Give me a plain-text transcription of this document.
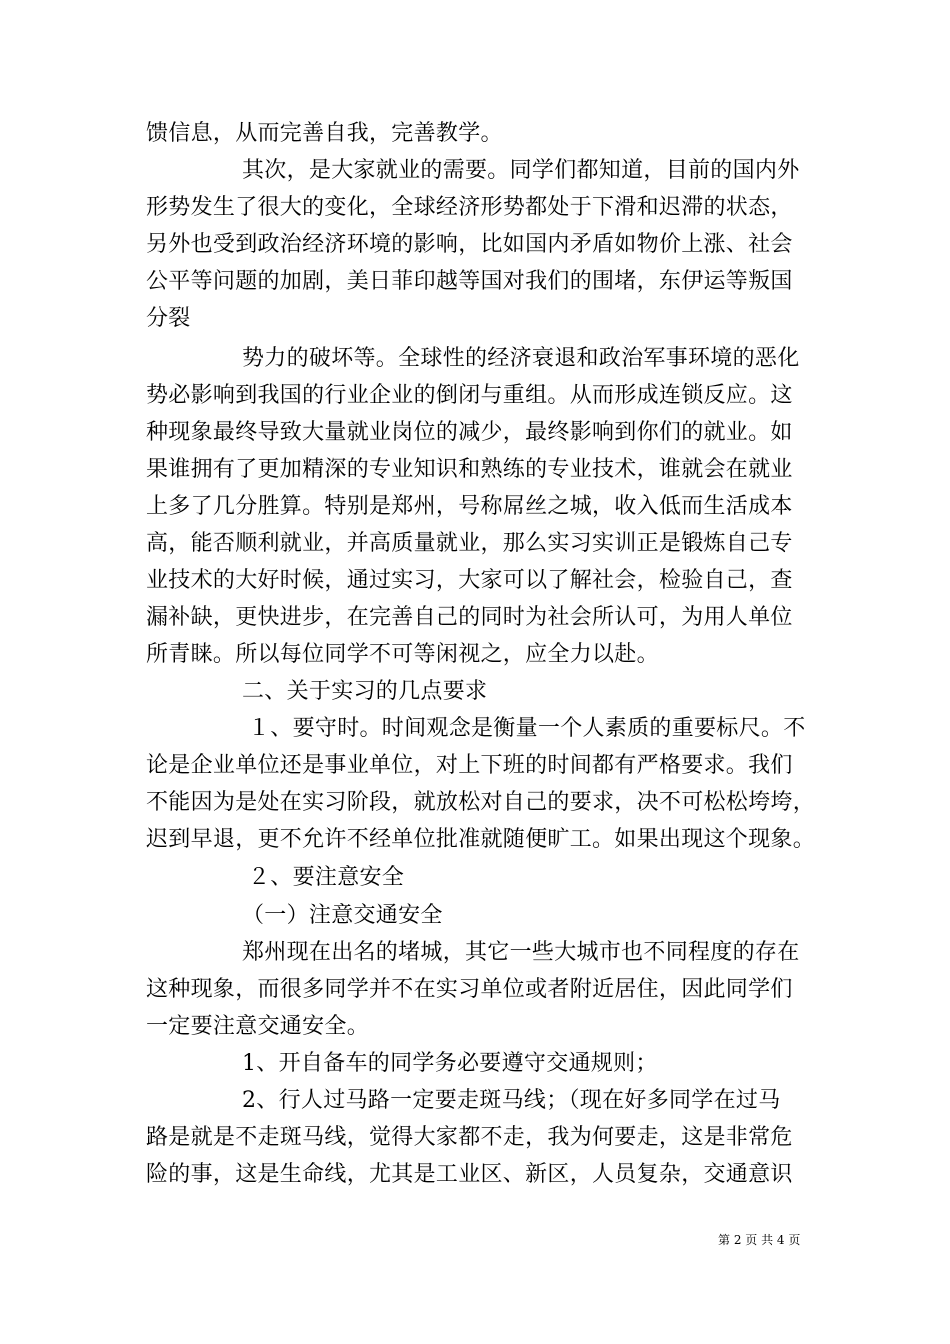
馈信息，从而完善自我，完善教学。
其次，是大家就业的需要。同学们都知道，目前的国内外
形势发生了很大的变化，全球经济形势都处于下滑和迟滞的状态，
另外也受到政治经济环境的影响，比如国内矛盾如物价上涨、社会
公平等问题的加剧，美日菲印越等国对我们的围堵，东伊运等叛国
分裂
势力的破坏等。全球性的经济衰退和政治军事环境的恶化
势必影响到我国的行业企业的倒闭与重组。从而形成连锁反应。这
种现象最终导致大量就业岗位的减少，最终影响到你们的就业。如
果谁拥有了更加精深的专业知识和熟练的专业技术，谁就会在就业
上多了几分胜算。特别是郑州，号称屌丝之城，收入低而生活成本
高，能否顺利就业，并高质量就业，那么实习实训正是锻炼自己专
业技术的大好时候，通过实习，大家可以了解社会，检验自己，查
漏补缺，更快进步，在完善自己的同时为社会所认可，为用人单位
所青睐。所以每位同学不可等闲视之，应全力以赴。
二、关于实习的几点要求
１、要守时。时间观念是衡量一个人素质的重要标尺。不
论是企业单位还是事业单位，对上下班的时间都有严格要求。我们
不能因为是处在实习阶段，就放松对自己的要求，决不可松松垮垮，
迟到早退，更不允许不经单位批准就随便旷工。如果出现这个现象。
２、要注意安全
（一）注意交通安全
郑州现在出名的堵城，其它一些大城市也不同程度的存在
这种现象，而很多同学并不在实习单位或者附近居住，因此同学们
一定要注意交通安全。
1、开自备车的同学务必要遵守交通规则；
2、行人过马路一定要走斑马线；（现在好多同学在过马
路是就是不走斑马线，觉得大家都不走，我为何要走，这是非常危
险的事，这是生命线，尤其是工业区、新区，人员复杂，交通意识
第 2 页 共 4 页
